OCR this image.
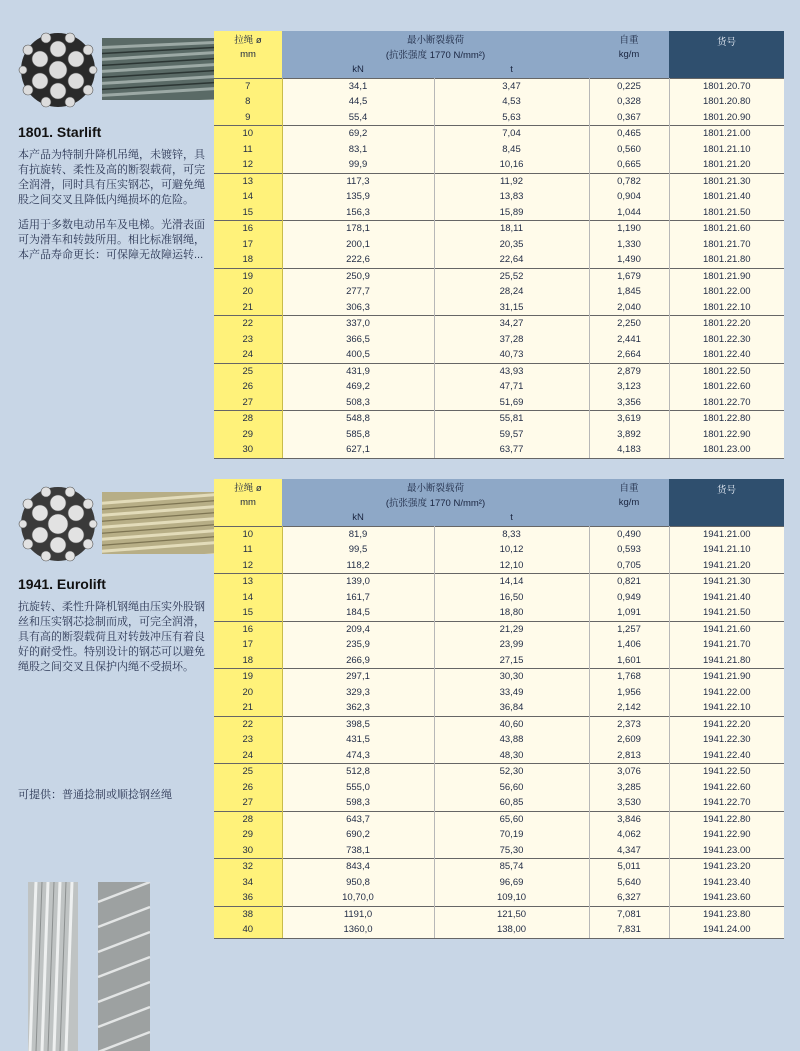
1801. Starlift

本产品为特制升降机吊绳，未镀锌，具有抗旋转、柔性及高的断裂载荷，可完全润滑，同时具有压实钢芯，可避免绳股之间交叉且降低内绳损坏的危险。

适用于多数电动吊车及电梯。光滑表面可为滑车和转鼓所用。相比标准钢绳，本产品寿命更长：可保障无故障运转...

1941. Eurolift

抗旋转、柔性升降机钢绳由压实外股钢丝和压实钢芯捻制而成，可完全润滑，具有高的断裂载荷且对转鼓冲压有着良好的耐受性。特别设计的钢芯可以避免绳股之间交叉且保护内绳不受损坏。

可提供：普通捻制或顺捻钢丝绳
拉绳 ø	最小断裂载荷		自重	货号
mm	(抗张强度 1770 N/mm²)		kg/m	
	kN	t		
7	34,1	3,47	0,225	1801.20.70
8	44,5	4,53	0,328	1801.20.80
9	55,4	5,63	0,367	1801.20.90
10	69,2	7,04	0,465	1801.21.00
11	83,1	8,45	0,560	1801.21.10
12	99,9	10,16	0,665	1801.21.20
13	117,3	11,92	0,782	1801.21.30
14	135,9	13,83	0,904	1801.21.40
15	156,3	15,89	1,044	1801.21.50
16	178,1	18,11	1,190	1801.21.60
17	200,1	20,35	1,330	1801.21.70
18	222,6	22,64	1,490	1801.21.80
19	250,9	25,52	1,679	1801.21.90
20	277,7	28,24	1,845	1801.22.00
21	306,3	31,15	2,040	1801.22.10
22	337,0	34,27	2,250	1801.22.20
23	366,5	37,28	2,441	1801.22.30
24	400,5	40,73	2,664	1801.22.40
25	431,9	43,93	2,879	1801.22.50
26	469,2	47,71	3,123	1801.22.60
27	508,3	51,69	3,356	1801.22.70
28	548,8	55,81	3,619	1801.22.80
29	585,8	59,57	3,892	1801.22.90
30	627,1	63,77	4,183	1801.23.00
拉绳 ø	最小断裂载荷		自重	货号
mm	(抗张强度 1770 N/mm²)		kg/m	
	kN	t		
10	81,9	8,33	0,490	1941.21.00
11	99,5	10,12	0,593	1941.21.10
12	118,2	12,10	0,705	1941.21.20
13	139,0	14,14	0,821	1941.21.30
14	161,7	16,50	0,949	1941.21.40
15	184,5	18,80	1,091	1941.21.50
16	209,4	21,29	1,257	1941.21.60
17	235,9	23,99	1,406	1941.21.70
18	266,9	27,15	1,601	1941.21.80
19	297,1	30,30	1,768	1941.21.90
20	329,3	33,49	1,956	1941.22.00
21	362,3	36,84	2,142	1941.22.10
22	398,5	40,60	2,373	1941.22.20
23	431,5	43,88	2,609	1941.22.30
24	474,3	48,30	2,813	1941.22.40
25	512,8	52,30	3,076	1941.22.50
26	555,0	56,60	3,285	1941.22.60
27	598,3	60,85	3,530	1941.22.70
28	643,7	65,60	3,846	1941.22.80
29	690,2	70,19	4,062	1941.22.90
30	738,1	75,30	4,347	1941.23.00
32	843,4	85,74	5,011	1941.23.20
34	950,8	96,69	5,640	1941.23.40
36	10,70,0	109,10	6,327	1941.23.60
38	1191,0	121,50	7,081	1941.23.80
40	1360,0	138,00	7,831	1941.24.00
